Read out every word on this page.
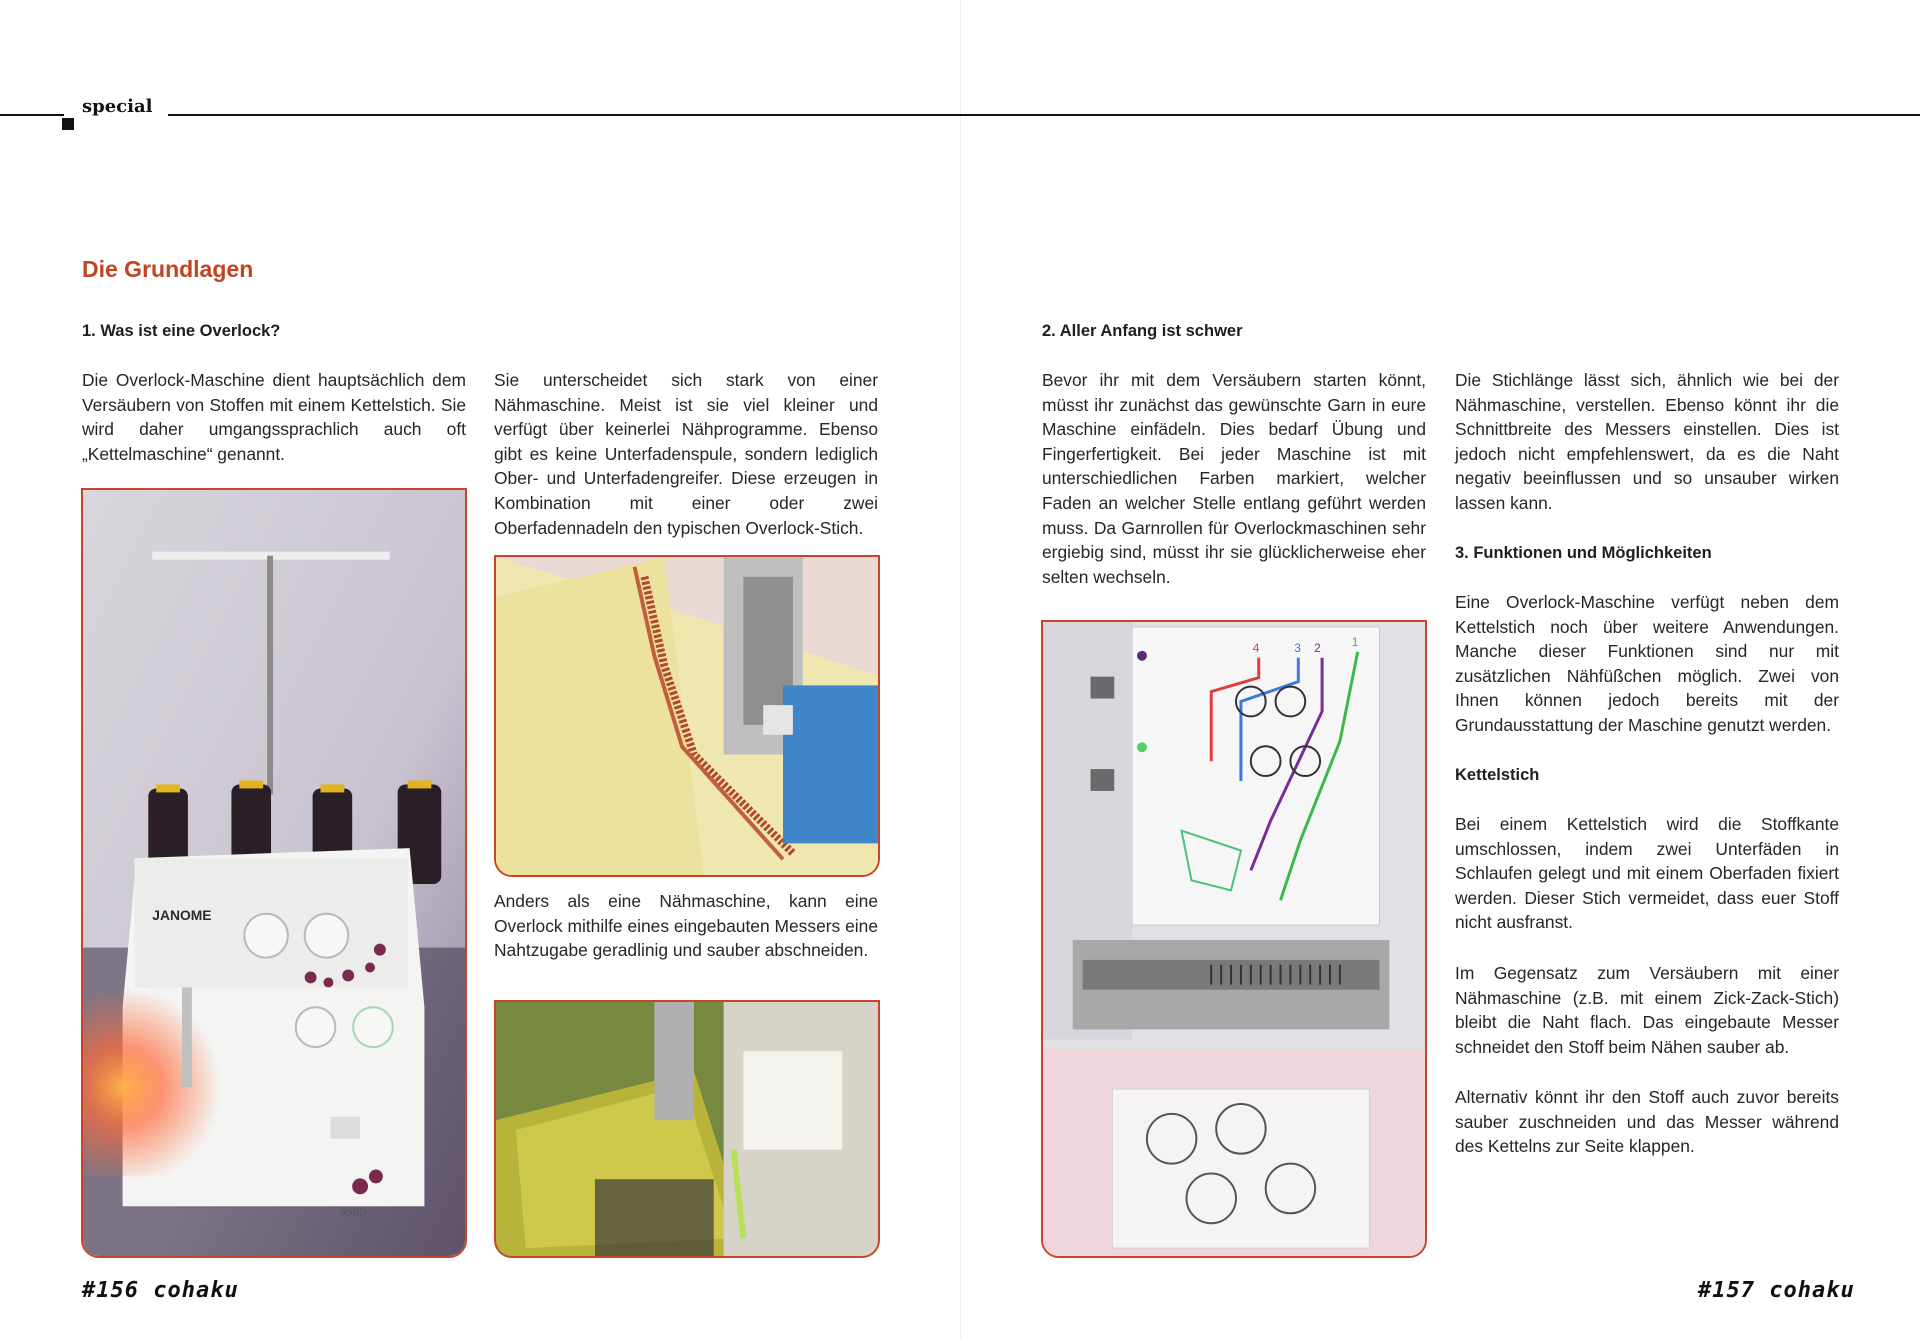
special
Die Grundlagen
1. Was ist eine Overlock?
Die Overlock-Maschine dient hauptsächlich dem Versäubern von Stoffen mit einem Kettelstich. Sie wird daher umgangssprachlich auch oft „Kettelmaschine“ genannt.
JANOME
990D
Sie unterscheidet sich stark von einer Nähmaschine. Meist ist sie viel kleiner und verfügt über keinerlei Nähprogramme. Ebenso gibt es keine Unterfadenspule, sondern lediglich Ober- und Unterfadengreifer. Diese erzeugen in Kombination mit einer oder zwei Oberfadennadeln den typischen Overlock-Stich.
Anders als eine Nähmaschine, kann eine Overlock mithilfe eines eingebauten Messers eine Nahtzugabe geradlinig und sauber abschneiden.
#156 cohaku
2. Aller Anfang ist schwer
Bevor ihr mit dem Versäubern starten könnt, müsst ihr zunächst das gewünschte Garn in eure Maschine einfädeln. Dies bedarf Übung und Fingerfertigkeit. Bei jeder Maschine ist mit unterschiedlichen Farben markiert, welcher Faden an welcher Stelle entlang geführt werden muss. Da Garnrollen für Overlockmaschinen sehr ergiebig sind, müsst ihr sie glücklicherweise eher selten wechseln.
4	3 2	1
Die Stichlänge lässt sich, ähnlich wie bei der Nähmaschine, verstellen. Ebenso könnt ihr die Schnittbreite des Messers einstellen. Dies ist jedoch nicht empfehlenswert, da es die Naht negativ beeinflussen und so unsauber wirken lassen kann.
3. Funktionen und Möglichkeiten
Eine Overlock-Maschine verfügt neben dem Kettelstich noch über weitere Anwendungen. Manche dieser Funktionen sind nur mit zusätzlichen Nähfüßchen möglich. Zwei von Ihnen können jedoch bereits mit der Grundausstattung der Maschine genutzt werden.
Kettelstich
Bei einem Kettelstich wird die Stoffkante umschlossen, indem zwei Unterfäden in Schlaufen gelegt und mit einem Oberfaden fixiert werden. Dieser Stich vermeidet, dass euer Stoff nicht ausfranst.
Im Gegensatz zum Versäubern mit einer Nähmaschine (z.B. mit einem Zick-Zack-Stich) bleibt die Naht flach. Das eingebaute Messer schneidet den Stoff beim Nähen sauber ab.
Alternativ könnt ihr den Stoff auch zuvor bereits sauber zuschneiden und das Messer während des Kettelns zur Seite klappen.
#157 cohaku
